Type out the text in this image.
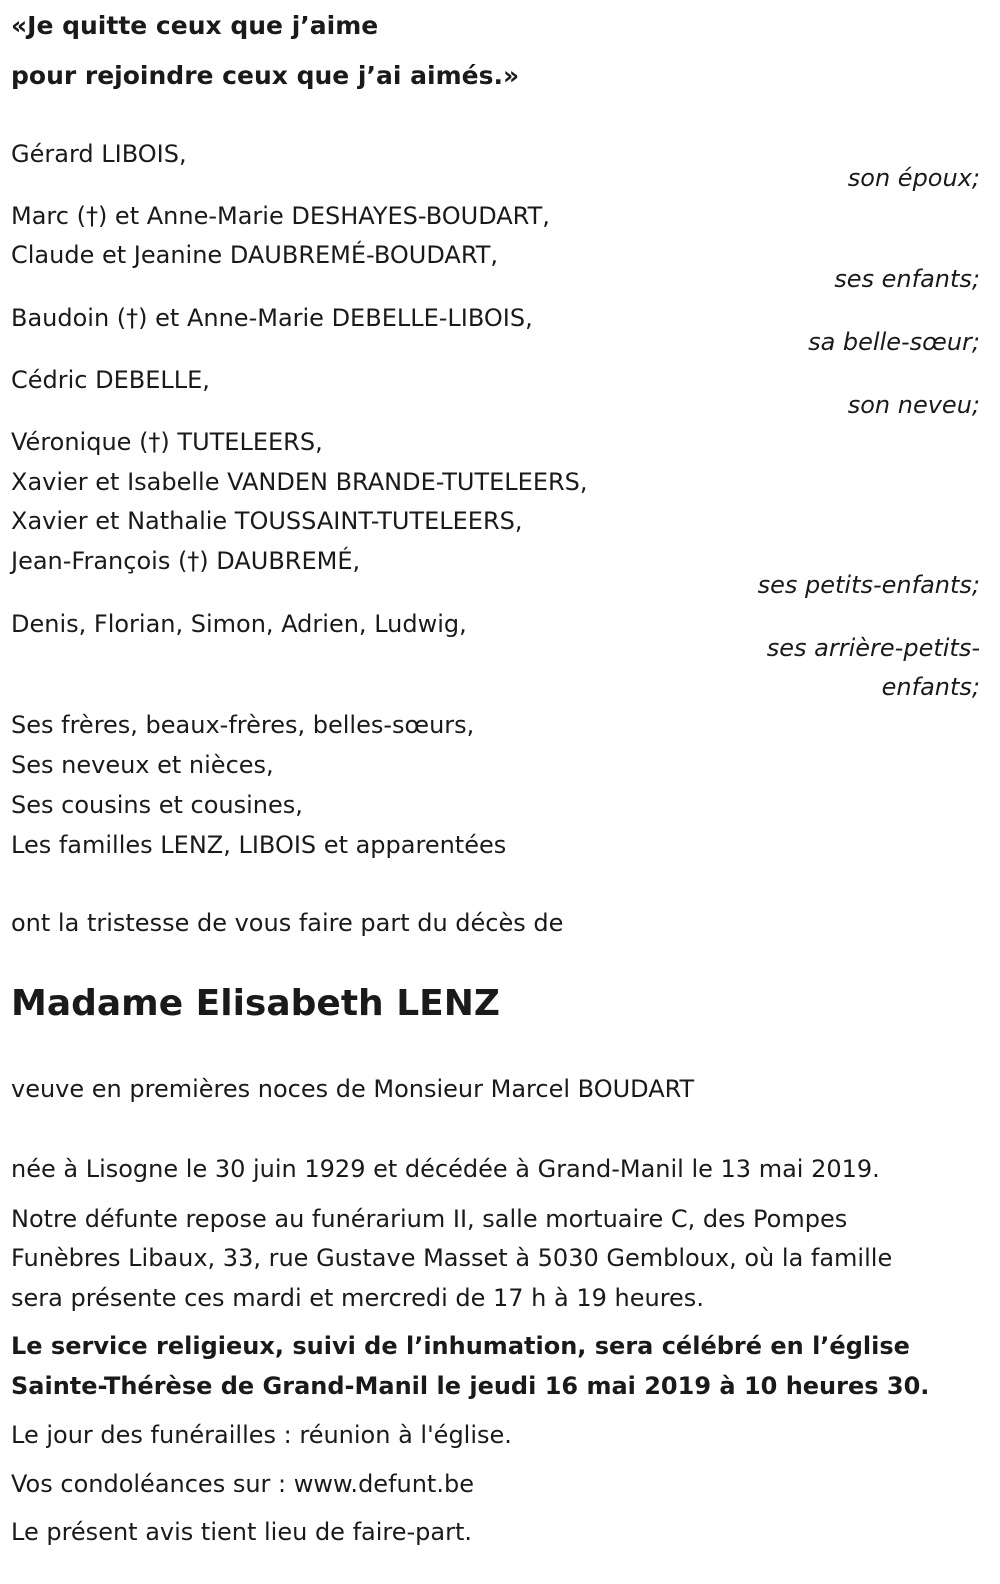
«Je quitte ceux que j’aime
pour rejoindre ceux que j’ai aimés.»
Gérard LIBOIS,
son époux;
Marc (†) et Anne-Marie DESHAYES-BOUDART,
Claude et Jeanine DAUBREMÉ-BOUDART,
ses enfants;
Baudoin (†) et Anne-Marie DEBELLE-LIBOIS,
sa belle-sœur;
Cédric DEBELLE,
son neveu;
Véronique (†) TUTELEERS,
Xavier et Isabelle VANDEN BRANDE-TUTELEERS,
Xavier et Nathalie TOUSSAINT-TUTELEERS,
Jean-François (†) DAUBREMÉ,
ses petits-enfants;
Denis, Florian, Simon, Adrien, Ludwig,
ses arrière-petits-
enfants;
Ses frères, beaux-frères, belles-sœurs,
Ses neveux et nièces,
Ses cousins et cousines,
Les familles LENZ, LIBOIS et apparentées
ont la tristesse de vous faire part du décès de
Madame Elisabeth LENZ
veuve en premières noces de Monsieur Marcel BOUDART
née à Lisogne le 30 juin 1929 et décédée à Grand-Manil le 13 mai 2019.
Notre défunte repose au funérarium II, salle mortuaire C, des Pompes
Funèbres Libaux, 33, rue Gustave Masset à 5030 Gembloux, où la famille
sera présente ces mardi et mercredi de 17 h à 19 heures.
Le service religieux, suivi de l’inhumation, sera célébré en l’église
Sainte-Thérèse de Grand-Manil le jeudi 16 mai 2019 à 10 heures 30.
Le jour des funérailles : réunion à l'église.
Vos condoléances sur : www.defunt.be
Le présent avis tient lieu de faire-part.
